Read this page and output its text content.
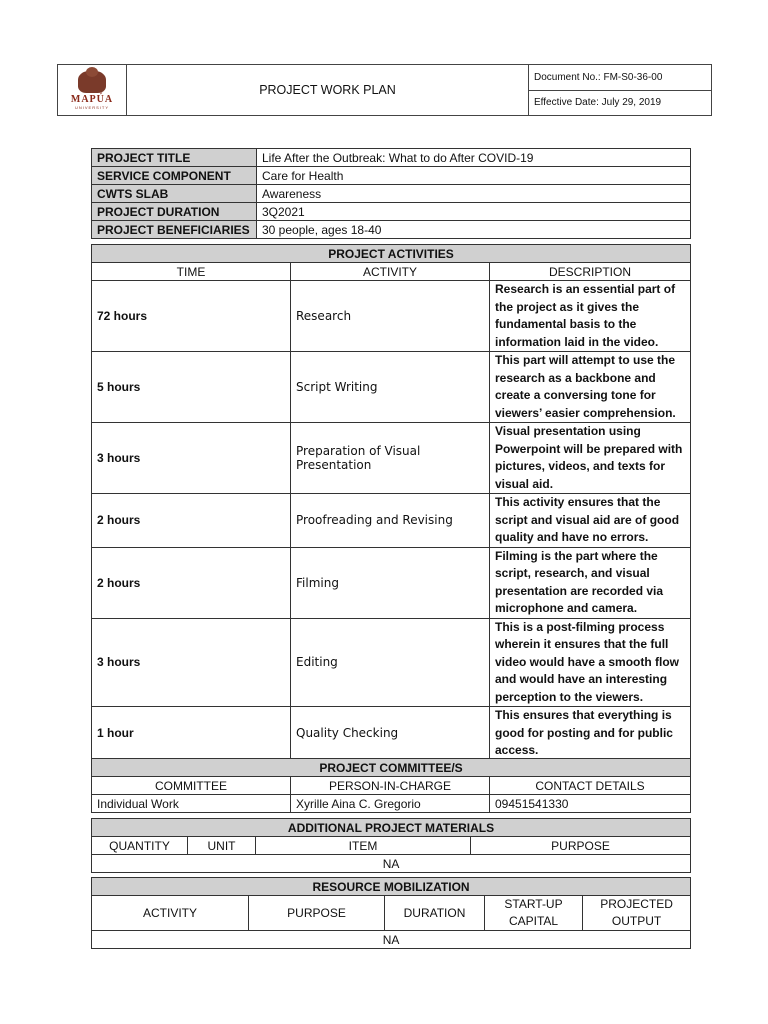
MAPÚA
UNIVERSITY
	PROJECT WORK PLAN	Document No.: FM-S0-36-00
Effective Date: July 29, 2019
PROJECT TITLE	Life After the Outbreak: What to do After COVID-19
SERVICE COMPONENT	Care for Health
CWTS SLAB	Awareness
PROJECT DURATION	3Q2021
PROJECT BENEFICIARIES	30 people, ages 18-40
PROJECT ACTIVITIES		
TIME	ACTIVITY	DESCRIPTION
72 hours	Research	Research is an essential part of the project as it gives the fundamental basis to the information laid in the video.
5 hours	Script Writing	This part will attempt to use the research as a backbone and create a conversing tone for viewers’ easier comprehension.
3 hours	Preparation of Visual Presentation	Visual presentation using Powerpoint will be prepared with pictures, videos, and texts for visual aid.
2 hours	Proofreading and Revising	This activity ensures that the script and visual aid are of good quality and have no errors.
2 hours	Filming	Filming is the part where the script, research, and visual presentation are recorded via microphone and camera.
3 hours	Editing	This is a post-filming process wherein it ensures that the full video would have a smooth flow and would have an interesting perception to the viewers.
1 hour	Quality Checking	This ensures that everything is good for posting and for public access.
PROJECT COMMITTEE/S		
COMMITTEE	PERSON-IN-CHARGE	CONTACT DETAILS
Individual Work	Xyrille Aina C. Gregorio	09451541330
ADDITIONAL PROJECT MATERIALS
QUANTITY	UNIT	ITEM	PURPOSE
NA
RESOURCE MOBILIZATION
ACTIVITY	PURPOSE	DURATION	START-UP CAPITAL	PROJECTED OUTPUT
NA
